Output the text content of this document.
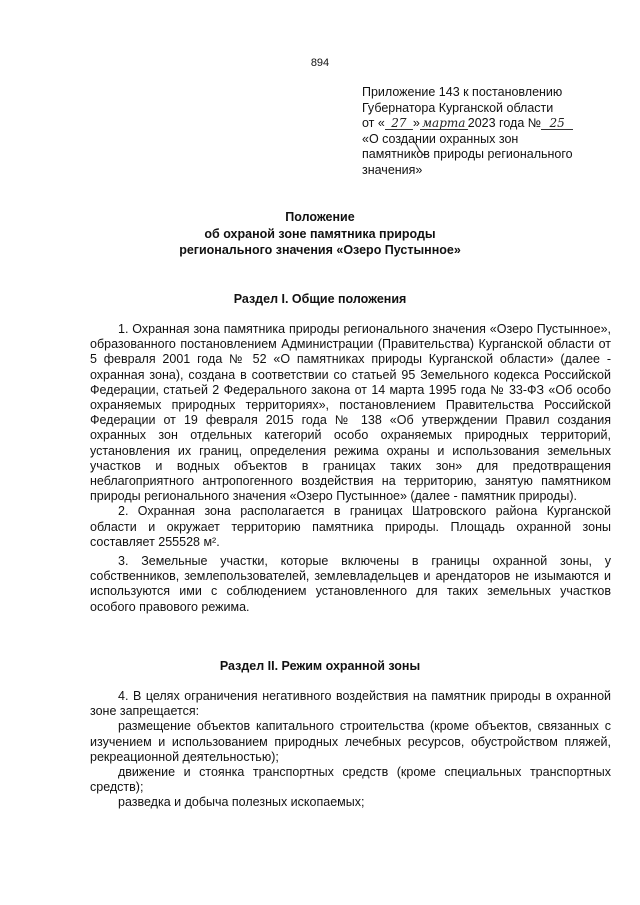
894
Приложение 143 к постановлению
Губернатора Курганской области
от « 27 » марта 2023 года № 25
«О создании охранных зон
памятников природы регионального
значения»
Положение
об охраной зоне памятника природы
регионального значения «Озеро Пустынное»
Раздел I. Общие положения

1. Охранная зона памятника природы регионального значения «Озеро Пустынное», образованного постановлением Администрации (Правительства) Курганской области от 5 февраля 2001 года № 52 «О памятниках природы Курганской области» (далее - охранная зона), создана в соответствии со статьей 95 Земельного кодекса Российской Федерации, статьей 2 Федерального закона от 14 марта 1995 года № 33-ФЗ «Об особо охраняемых природных территориях», постановлением Правительства Российской Федерации от 19 февраля 2015 года № 138 «Об утверждении Правил создания охранных зон отдельных категорий особо охраняемых природных территорий, установления их границ, определения режима охраны и использования земельных участков и водных объектов в границах таких зон» для предотвращения неблагоприятного антропогенного воздействия на территорию, занятую памятником природы регионального значения «Озеро Пустынное» (далее - памятник природы).

2. Охранная зона располагается в границах Шатровского района Курганской области и окружает территорию памятника природы. Площадь охранной зоны составляет 255528 м².

3. Земельные участки, которые включены в границы охранной зоны, у собственников, землепользователей, землевладельцев и арендаторов не изымаются и используются ими с соблюдением установленного для таких земельных участков особого правового режима.

Раздел II. Режим охранной зоны

4. В целях ограничения негативного воздействия на памятник природы в охранной зоне запрещается:

размещение объектов капитального строительства (кроме объектов, связанных с изучением и использованием природных лечебных ресурсов, обустройством пляжей, рекреационной деятельностью);

движение и стоянка транспортных средств (кроме специальных транспортных средств);

разведка и добыча полезных ископаемых;
